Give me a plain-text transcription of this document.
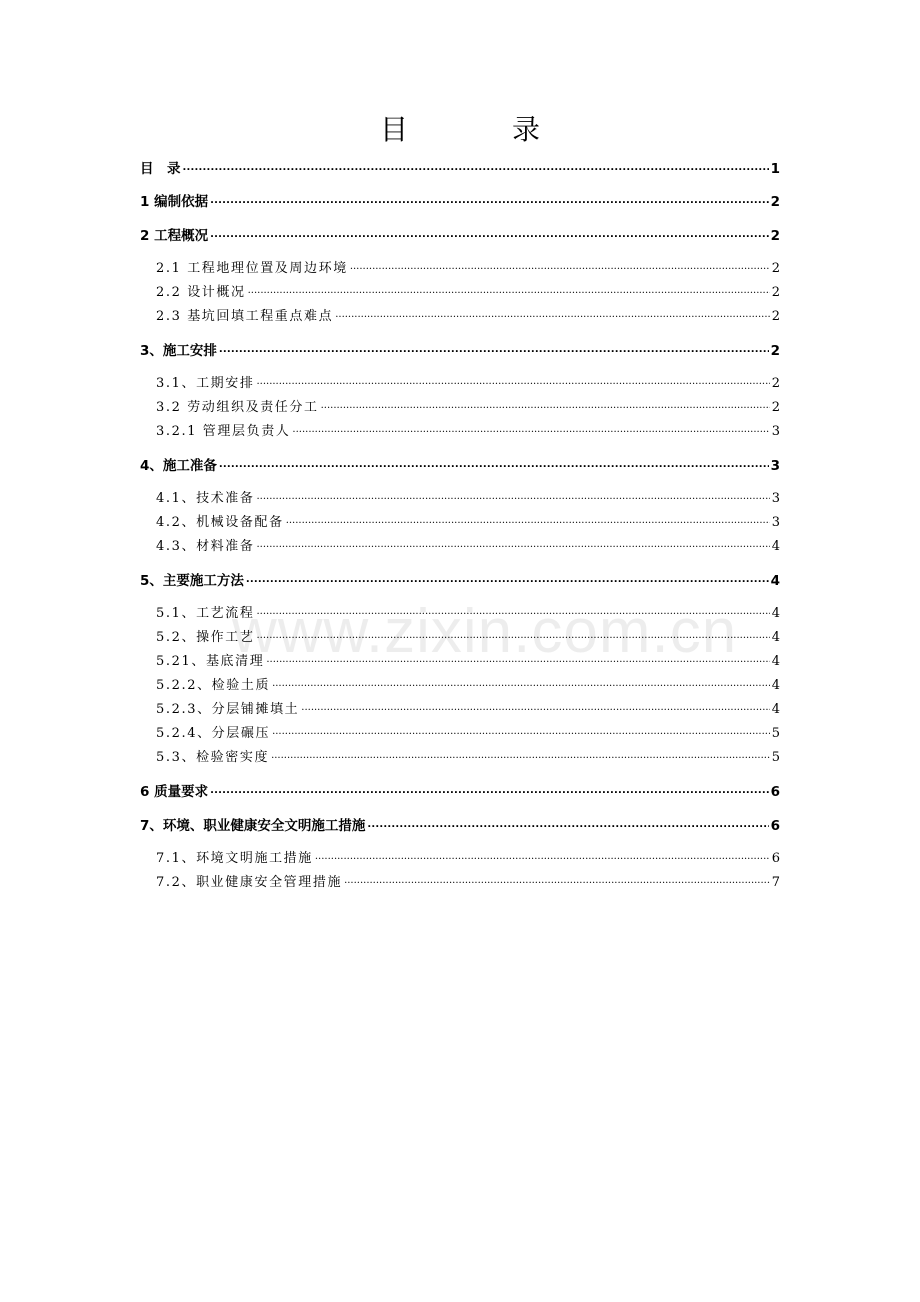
目　录
目　录 .....	1
1 编制依据 .....	2
2 工程概况 .....	2
2.1 工程地理位置及周边环境 .....	2
2.2 设计概况 .....	2
2.3 基坑回填工程重点难点 .....	2
3、施工安排 .....	2
3.1、工期安排 .....	2
3.2 劳动组织及责任分工 .....	2
3.2.1 管理层负责人 .....	3
4、施工准备 .....	3
4.1、技术准备 .....	3
4.2、机械设备配备 .....	3
4.3、材料准备 .....	4
5、主要施工方法 .....	4
5.1、工艺流程 .....	4
5.2、操作工艺 .....	4
5.21、基底清理 .....	4
5.2.2、检验土质 .....	4
5.2.3、分层铺摊填土 .....	4
5.2.4、分层碾压 .....	5
5.3、检验密实度 .....	5
6 质量要求 .....	6
7、环境、职业健康安全文明施工措施 .....	6
7.1、环境文明施工措施 .....	6
7.2、职业健康安全管理措施 .....	7
www.zixin.com.cn
